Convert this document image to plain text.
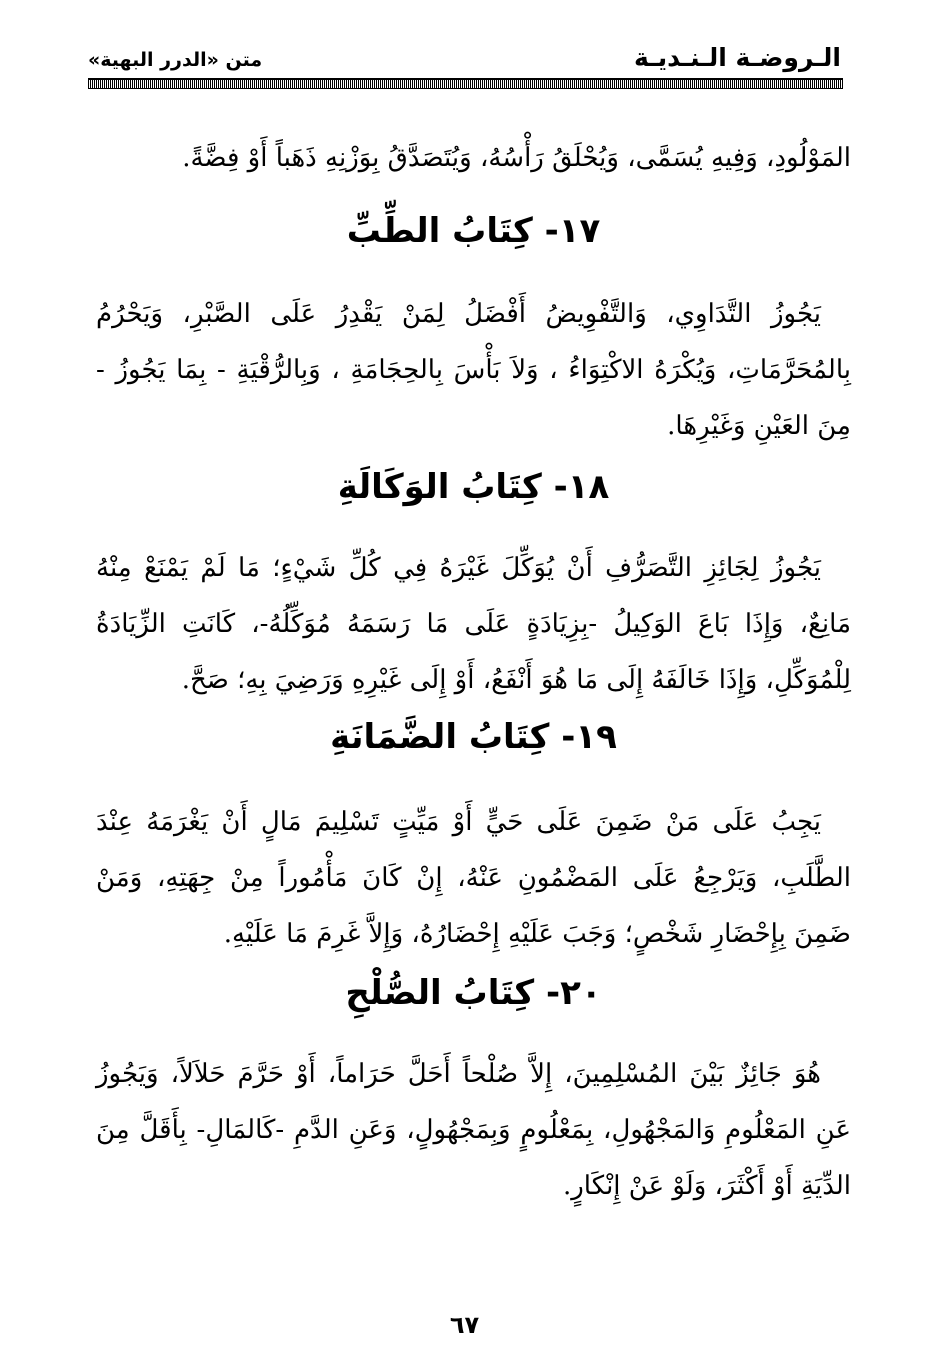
الـروضـة الـنـديـة
متن «الدرر البهية»

المَوْلُودِ، وَفِيهِ يُسَمَّى، وَيُحْلَقُ رَأْسُهُ، وَيُتَصَدَّقُ بِوَزْنِهِ ذَهَباً أَوْ فِضَّةً.

١٧- كِتَابُ الطِّبِّ

يَجُوزُ التَّدَاوِي، وَالتَّفْوِيضُ أَفْضَلُ لِمَنْ يَقْدِرُ عَلَى الصَّبْرِ، وَيَحْرُمُ بِالمُحَرَّمَاتِ، وَيُكْرَهُ الاكْتِوَاءُ ، وَلاَ بَأْسَ بِالحِجَامَةِ ، وَبِالرُّقْيَةِ - بِمَا يَجُوزُ - مِنَ العَيْنِ وَغَيْرِهَا.

١٨- كِتَابُ الوَكَالَةِ

يَجُوزُ لِجَائِزِ التَّصَرُّفِ أَنْ يُوَكِّلَ غَيْرَهُ فِي كُلِّ شَيْءٍ؛ مَا لَمْ يَمْنَعْ مِنْهُ مَانِعٌ، وَإِذَا بَاعَ الوَكِيلُ -بِزِيَادَةٍ عَلَى مَا رَسَمَهُ مُوَكِّلُهُ-، كَانَتِ الزِّيَادَةُ لِلْمُوَكِّلِ، وَإِذَا خَالَفَهُ إِلَى مَا هُوَ أَنْفَعُ، أَوْ إِلَى غَيْرِهِ وَرَضِيَ بِهِ؛ صَحَّ.

١٩- كِتَابُ الضَّمَانَةِ

يَجِبُ عَلَى مَنْ ضَمِنَ عَلَى حَيٍّ أَوْ مَيِّتٍ تَسْلِيمَ مَالٍ أَنْ يَغْرَمَهُ عِنْدَ الطَّلَبِ، وَيَرْجِعُ عَلَى المَضْمُونِ عَنْهُ، إِنْ كَانَ مَأْمُوراً مِنْ جِهَتِهِ، وَمَنْ ضَمِنَ بِإِحْضَارِ شَخْصٍ؛ وَجَبَ عَلَيْهِ إِحْضَارُهُ، وَإِلاَّ غَرِمَ مَا عَلَيْهِ.

٢٠- كِتَابُ الصُّلْحِ

هُوَ جَائِزٌ بَيْنَ المُسْلِمِينَ، إِلاَّ صُلْحاً أَحَلَّ حَرَاماً، أَوْ حَرَّمَ حَلاَلاً، وَيَجُوزُ عَنِ المَعْلُومِ وَالمَجْهُولِ، بِمَعْلُومٍ وَبِمَجْهُولٍ، وَعَنِ الدَّمِ -كَالمَالِ- بِأَقَلَّ مِنَ الدِّيَةِ أَوْ أَكْثَرَ، وَلَوْ عَنْ إِنْكَارٍ.

٦٧
